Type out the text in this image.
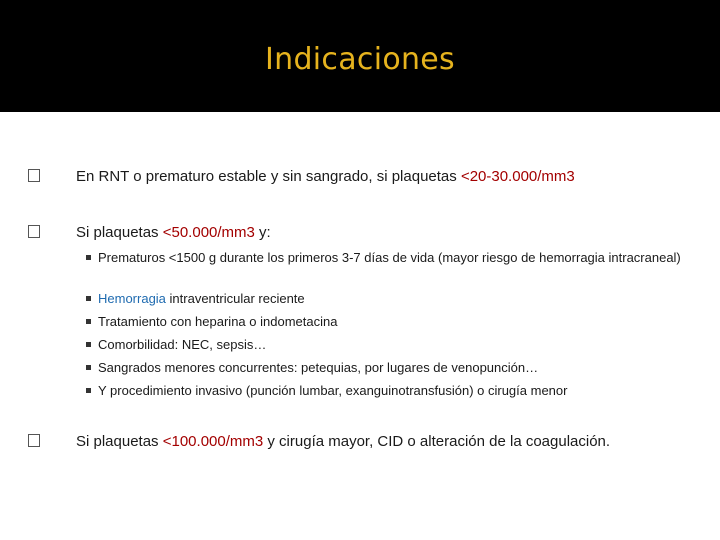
Indicaciones
En RNT o prematuro estable y sin sangrado, si plaquetas <20-30.000/mm3
Si plaquetas <50.000/mm3 y:
Prematuros <1500 g durante los primeros 3-7 días de vida (mayor riesgo de hemorragia intracraneal)
Hemorragia intraventricular reciente
Tratamiento con heparina o indometacina
Comorbilidad: NEC, sepsis…
Sangrados menores concurrentes: petequias, por lugares de venopunción…
Y procedimiento invasivo (punción lumbar, exanguinotransfusión) o cirugía menor
Si plaquetas <100.000/mm3 y cirugía mayor, CID o alteración de la coagulación.
